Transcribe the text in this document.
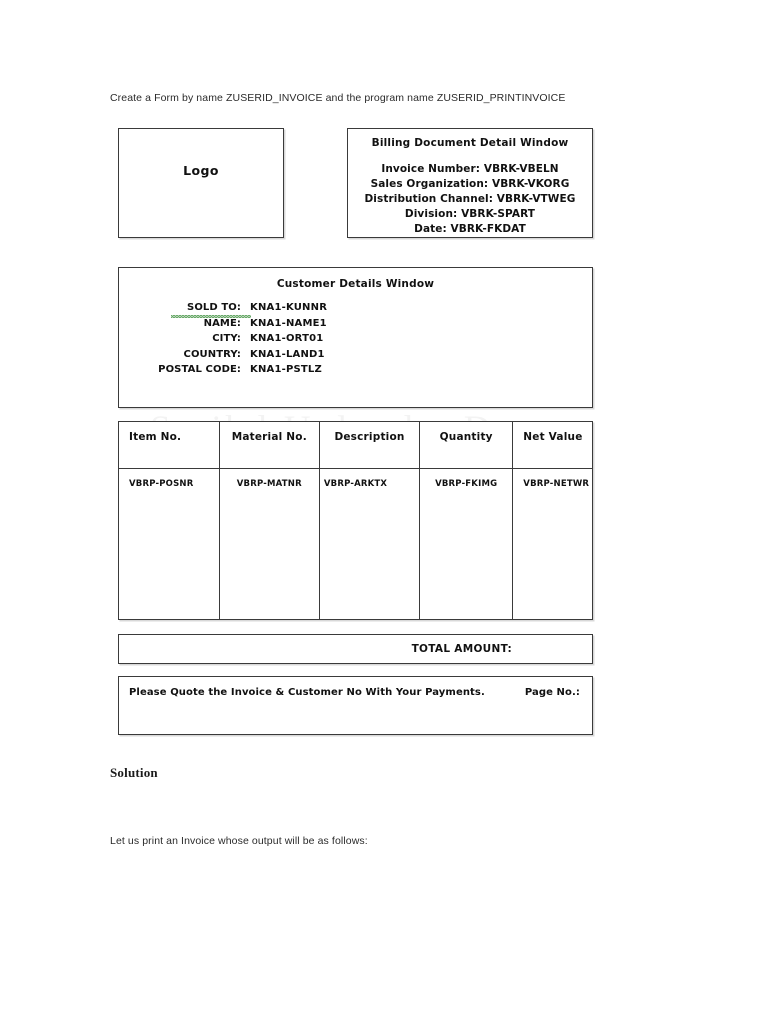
Create a Form by name ZUSERID_INVOICE and the program name ZUSERID_PRINTINVOICE
Logo
Billing Document Detail Window
Invoice Number: VBRK-VBELN
Sales Organization: VBRK-VKORG
Distribution Channel: VBRK-VTWEG
Division: VBRK-SPART
Date: VBRK-FKDAT
Customer Details Window
SOLD TO: KNA1-KUNNR
NAME: KNA1-NAME1
CITY: KNA1-ORT01
COUNTRY: KNA1-LAND1
POSTAL CODE: KNA1-PSTLZ
Item No.	Material No.	Description	Quantity	Net Value

VBRP-POSNR	VBRP-MATNR	VBRP-ARKTX	VBRP-FKIMG	VBRP-NETWR
TOTAL AMOUNT:
Please Quote the Invoice & Customer No With Your Payments.	Page No.:
Solution
Let us print an Invoice whose output will be as follows:
